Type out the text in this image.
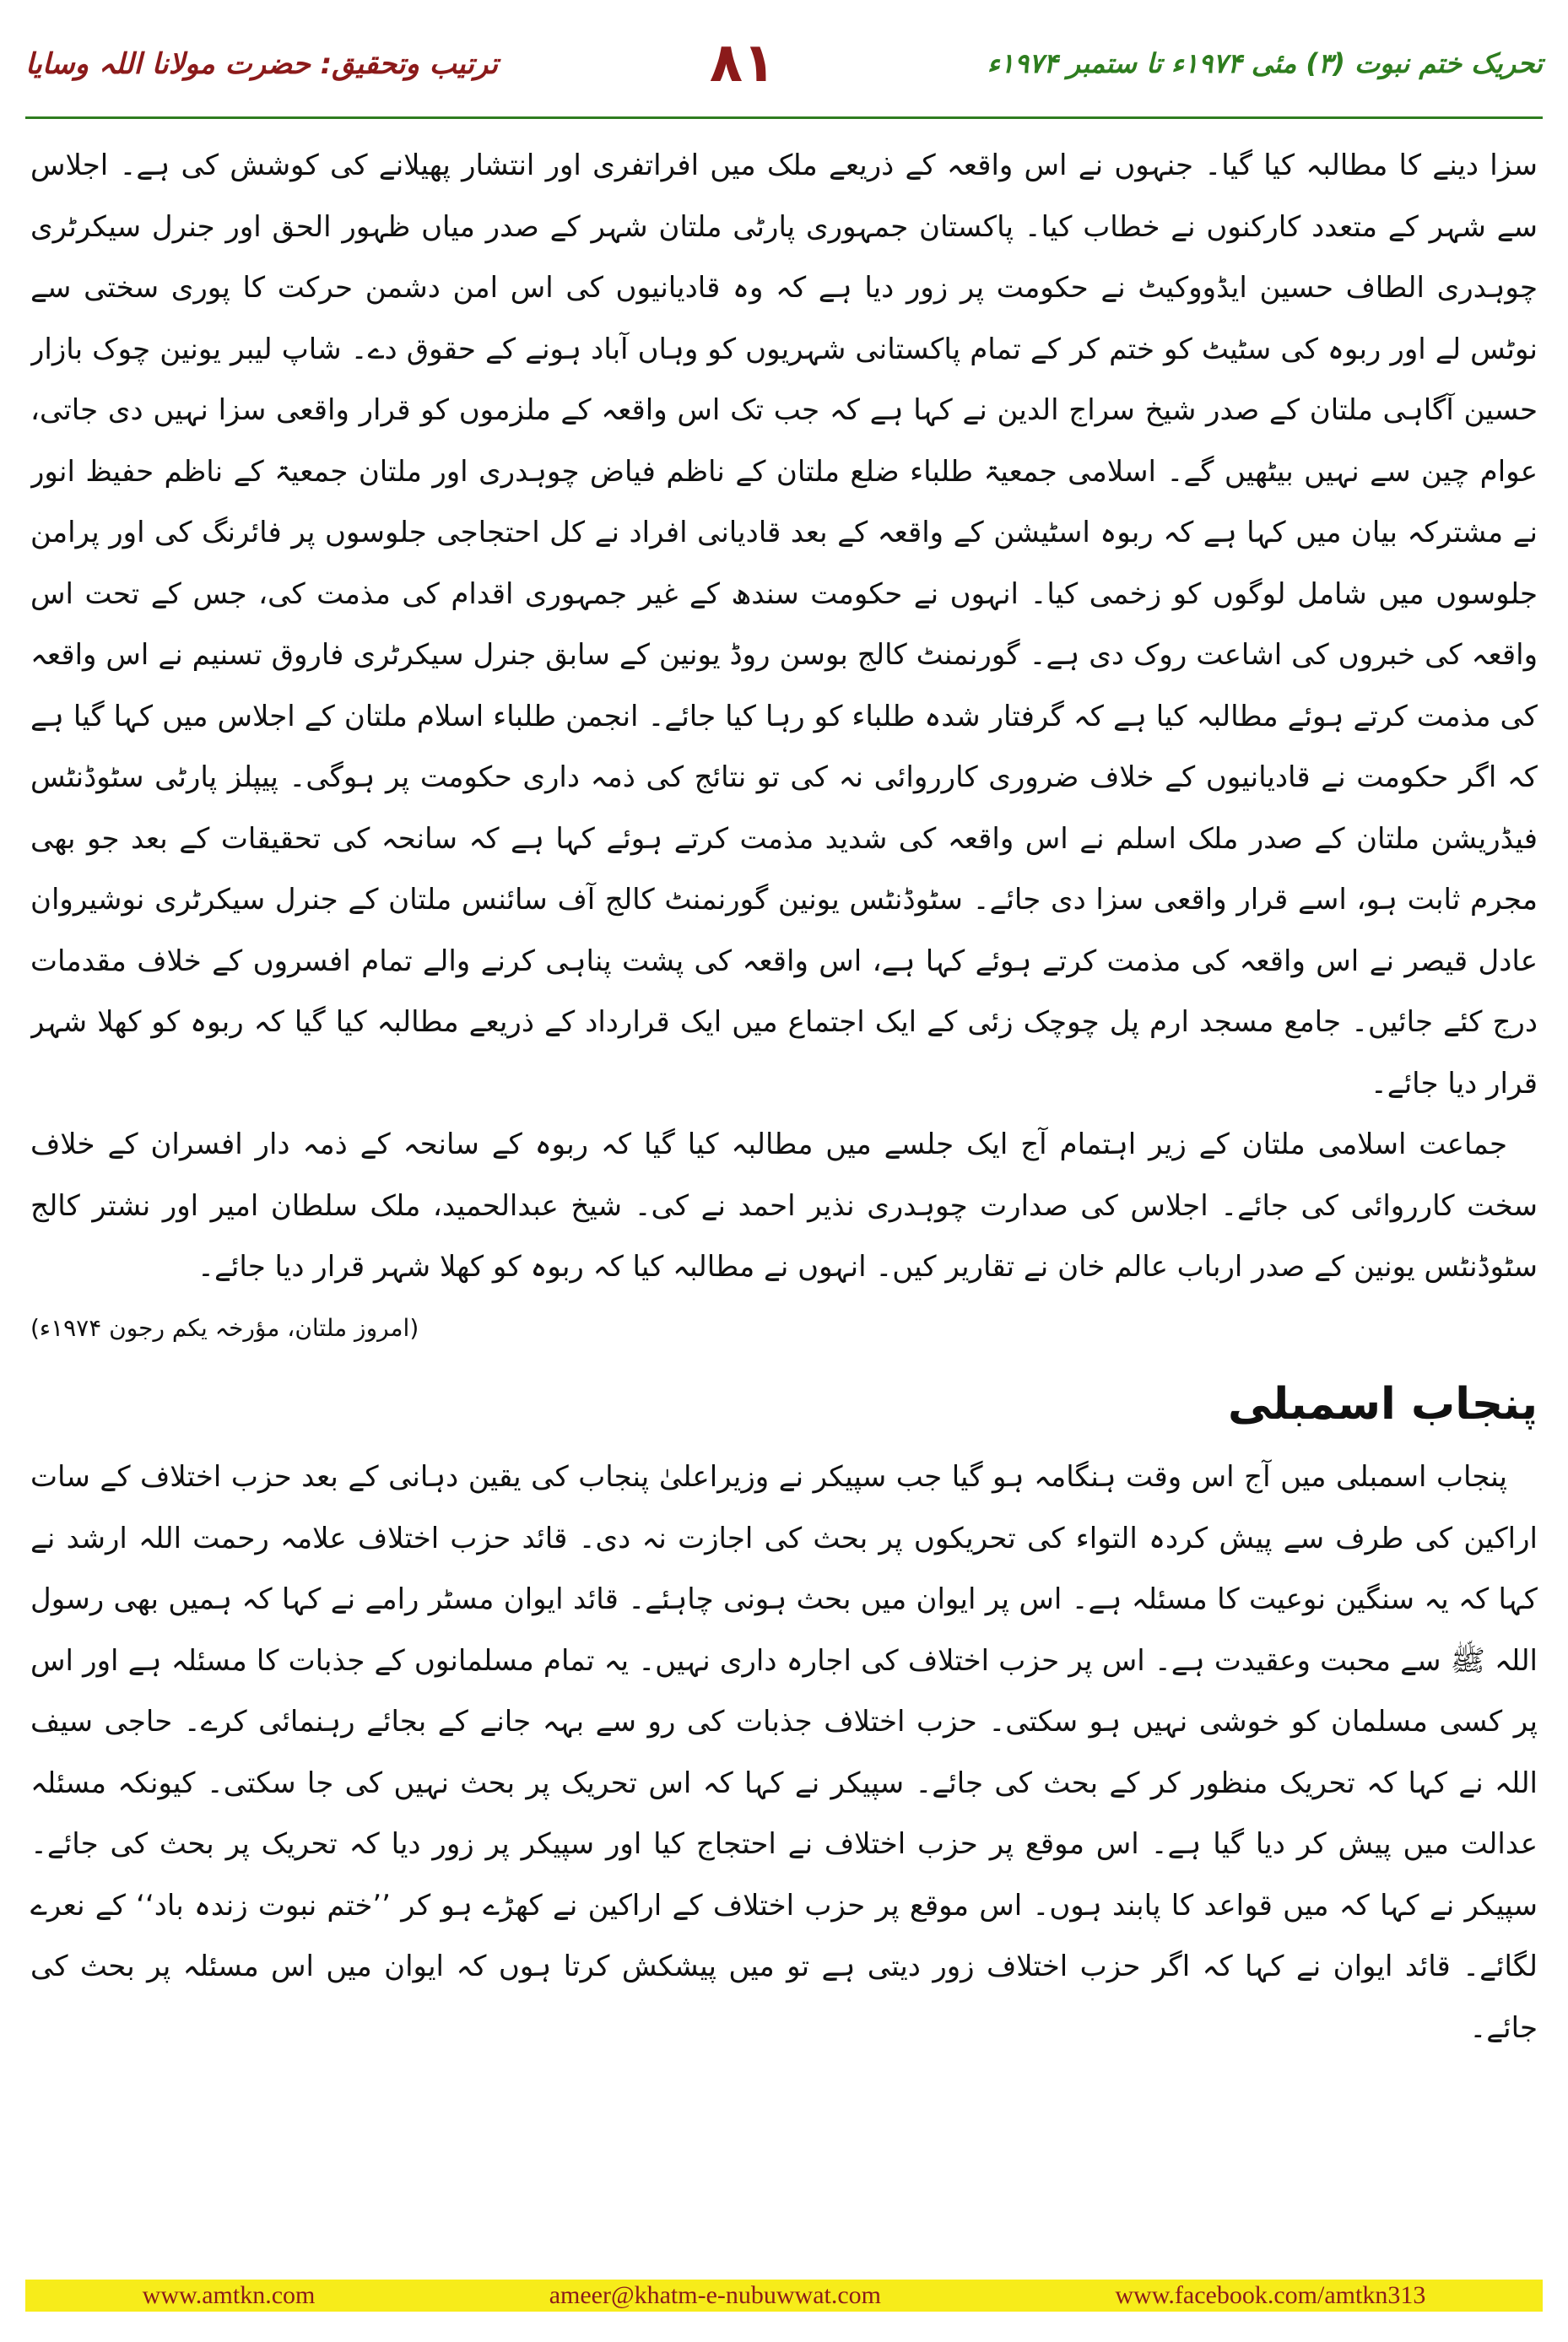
تحریک ختم نبوت (۳) مئی ۱۹۷۴ء تا ستمبر ۱۹۷۴ء
۸۱
ترتیب وتحقیق: حضرت مولانا اللہ وسایا

سزا دینے کا مطالبہ کیا گیا۔ جنہوں نے اس واقعہ کے ذریعے ملک میں افراتفری اور انتشار پھیلانے کی کوشش کی ہے۔ اجلاس سے شہر کے متعدد کارکنوں نے خطاب کیا۔ پاکستان جمہوری پارٹی ملتان شہر کے صدر میاں ظہور الحق اور جنرل سیکرٹری چوہدری الطاف حسین ایڈووکیٹ نے حکومت پر زور دیا ہے کہ وہ قادیانیوں کی اس امن دشمن حرکت کا پوری سختی سے نوٹس لے اور ربوہ کی سٹیٹ کو ختم کر کے تمام پاکستانی شہریوں کو وہاں آباد ہونے کے حقوق دے۔ شاپ لیبر یونین چوک بازار حسین آگاہی ملتان کے صدر شیخ سراج الدین نے کہا ہے کہ جب تک اس واقعہ کے ملزموں کو قرار واقعی سزا نہیں دی جاتی، عوام چین سے نہیں بیٹھیں گے۔ اسلامی جمعیۃ طلباء ضلع ملتان کے ناظم فیاض چوہدری اور ملتان جمعیۃ کے ناظم حفیظ انور نے مشترکہ بیان میں کہا ہے کہ ربوہ اسٹیشن کے واقعہ کے بعد قادیانی افراد نے کل احتجاجی جلوسوں پر فائرنگ کی اور پرامن جلوسوں میں شامل لوگوں کو زخمی کیا۔ انہوں نے حکومت سندھ کے غیر جمہوری اقدام کی مذمت کی، جس کے تحت اس واقعہ کی خبروں کی اشاعت روک دی ہے۔ گورنمنٹ کالج بوسن روڈ یونین کے سابق جنرل سیکرٹری فاروق تسنیم نے اس واقعہ کی مذمت کرتے ہوئے مطالبہ کیا ہے کہ گرفتار شدہ طلباء کو رہا کیا جائے۔ انجمن طلباء اسلام ملتان کے اجلاس میں کہا گیا ہے کہ اگر حکومت نے قادیانیوں کے خلاف ضروری کارروائی نہ کی تو نتائج کی ذمہ داری حکومت پر ہوگی۔ پیپلز پارٹی سٹوڈنٹس فیڈریشن ملتان کے صدر ملک اسلم نے اس واقعہ کی شدید مذمت کرتے ہوئے کہا ہے کہ سانحہ کی تحقیقات کے بعد جو بھی مجرم ثابت ہو، اسے قرار واقعی سزا دی جائے۔ سٹوڈنٹس یونین گورنمنٹ کالج آف سائنس ملتان کے جنرل سیکرٹری نوشیروان عادل قیصر نے اس واقعہ کی مذمت کرتے ہوئے کہا ہے، اس واقعہ کی پشت پناہی کرنے والے تمام افسروں کے خلاف مقدمات درج کئے جائیں۔ جامع مسجد ارم پل چوچک زئی کے ایک اجتماع میں ایک قرارداد کے ذریعے مطالبہ کیا گیا کہ ربوہ کو کھلا شہر قرار دیا جائے۔

جماعت اسلامی ملتان کے زیر اہتمام آج ایک جلسے میں مطالبہ کیا گیا کہ ربوہ کے سانحہ کے ذمہ دار افسران کے خلاف سخت کارروائی کی جائے۔ اجلاس کی صدارت چوہدری نذیر احمد نے کی۔ شیخ عبدالحمید، ملک سلطان امیر اور نشتر کالج سٹوڈنٹس یونین کے صدر ارباب عالم خان نے تقاریر کیں۔ انہوں نے مطالبہ کیا کہ ربوہ کو کھلا شہر قرار دیا جائے۔

(امروز ملتان، مؤرخہ یکم رجون ۱۹۷۴ء)
پنجاب اسمبلی

پنجاب اسمبلی میں آج اس وقت ہنگامہ ہو گیا جب سپیکر نے وزیراعلیٰ پنجاب کی یقین دہانی کے بعد حزب اختلاف کے سات اراکین کی طرف سے پیش کردہ التواء کی تحریکوں پر بحث کی اجازت نہ دی۔ قائد حزب اختلاف علامہ رحمت اللہ ارشد نے کہا کہ یہ سنگین نوعیت کا مسئلہ ہے۔ اس پر ایوان میں بحث ہونی چاہئے۔ قائد ایوان مسٹر رامے نے کہا کہ ہمیں بھی رسول اللہ ﷺ سے محبت وعقیدت ہے۔ اس پر حزب اختلاف کی اجارہ داری نہیں۔ یہ تمام مسلمانوں کے جذبات کا مسئلہ ہے اور اس پر کسی مسلمان کو خوشی نہیں ہو سکتی۔ حزب اختلاف جذبات کی رو سے بہہ جانے کے بجائے رہنمائی کرے۔ حاجی سیف اللہ نے کہا کہ تحریک منظور کر کے بحث کی جائے۔ سپیکر نے کہا کہ اس تحریک پر بحث نہیں کی جا سکتی۔ کیونکہ مسئلہ عدالت میں پیش کر دیا گیا ہے۔ اس موقع پر حزب اختلاف نے احتجاج کیا اور سپیکر پر زور دیا کہ تحریک پر بحث کی جائے۔ سپیکر نے کہا کہ میں قواعد کا پابند ہوں۔ اس موقع پر حزب اختلاف کے اراکین نے کھڑے ہو کر ’’ختم نبوت زندہ باد‘‘ کے نعرے لگائے۔ قائد ایوان نے کہا کہ اگر حزب اختلاف زور دیتی ہے تو میں پیشکش کرتا ہوں کہ ایوان میں اس مسئلہ پر بحث کی جائے۔

www.amtkn.com	ameer@khatm-e-nubuwwat.com	www.facebook.com/amtkn313
